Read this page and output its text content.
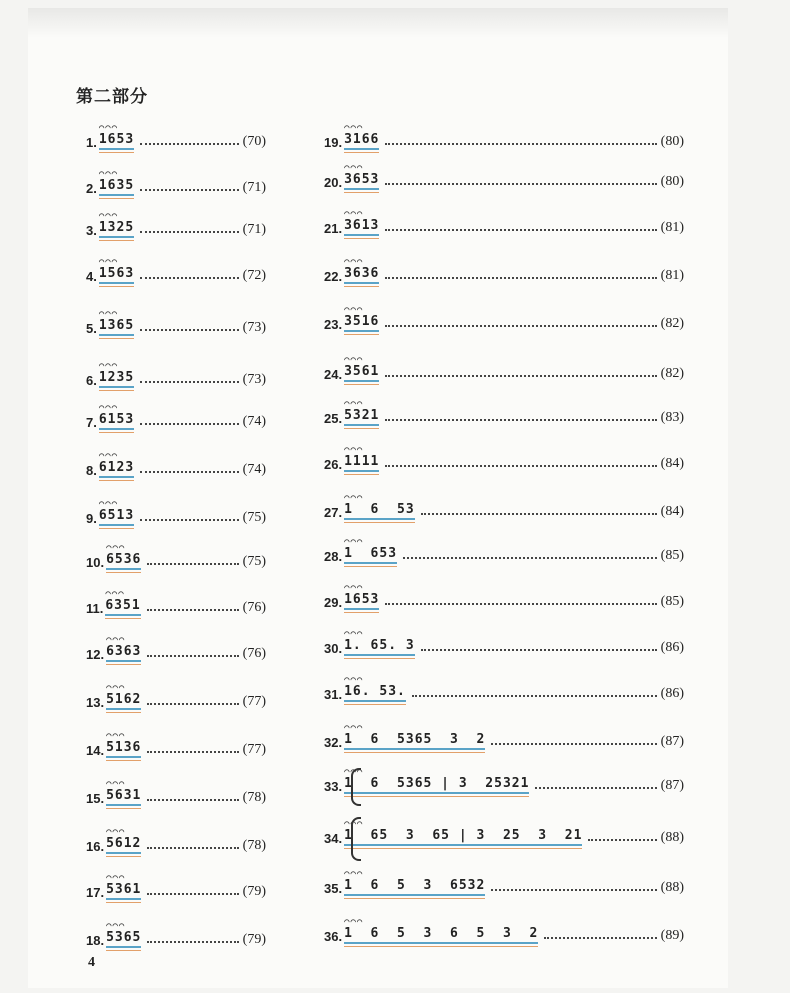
第二部分
1. ⌒⌒⌒ 1653	(70)
2. ⌒⌒⌒ 1635	(71)
3. ⌒⌒⌒ 1325	(71)
4. ⌒⌒⌒ 1563	(72)
5. ⌒⌒⌒ 1365	(73)
6. ⌒⌒⌒ 1235	(73)
7. ⌒⌒⌒ 6153	(74)
8. ⌒⌒⌒ 6123	(74)
9. ⌒⌒⌒ 6513	(75)
10. ⌒⌒⌒ 6536	(75)
11. ⌒⌒⌒ 6351	(76)
12. ⌒⌒⌒ 6363	(76)
13. ⌒⌒⌒ 5162	(77)
14. ⌒⌒⌒ 5136	(77)
15. ⌒⌒⌒ 5631	(78)
16. ⌒⌒⌒ 5612	(78)
17. ⌒⌒⌒ 5361	(79)
18. ⌒⌒⌒ 5365	(79)
19. ⌒⌒⌒ 3166	(80)
20. ⌒⌒⌒ 3653	(80)
21. ⌒⌒⌒ 3613	(81)
22. ⌒⌒⌒ 3636	(81)
23. ⌒⌒⌒ 3516	(82)
24. ⌒⌒⌒ 3561	(82)
25. ⌒⌒⌒ 5321	(83)
26. ⌒⌒⌒ 1111	(84)
27. ⌒⌒⌒ 1  6  53	(84)
28. ⌒⌒⌒ 1  653	(85)
29. ⌒⌒⌒ 1653	(85)
30. ⌒⌒⌒ 1. 65. 3	(86)
31. ⌒⌒⌒ 16. 53.	(86)
32. ⌒⌒⌒ 1  6  5365  3  2	(87)
33. ⌒⌒⌒ 1  6  5365 | 3  25321	(87)
34. ⌒⌒⌒ 1  65  3  65 | 3  25  3  21	(88)
35. ⌒⌒⌒ 1  6  5  3  6532	(88)
36. ⌒⌒⌒ 1  6  5  3  6  5  3  2	(89)
4
